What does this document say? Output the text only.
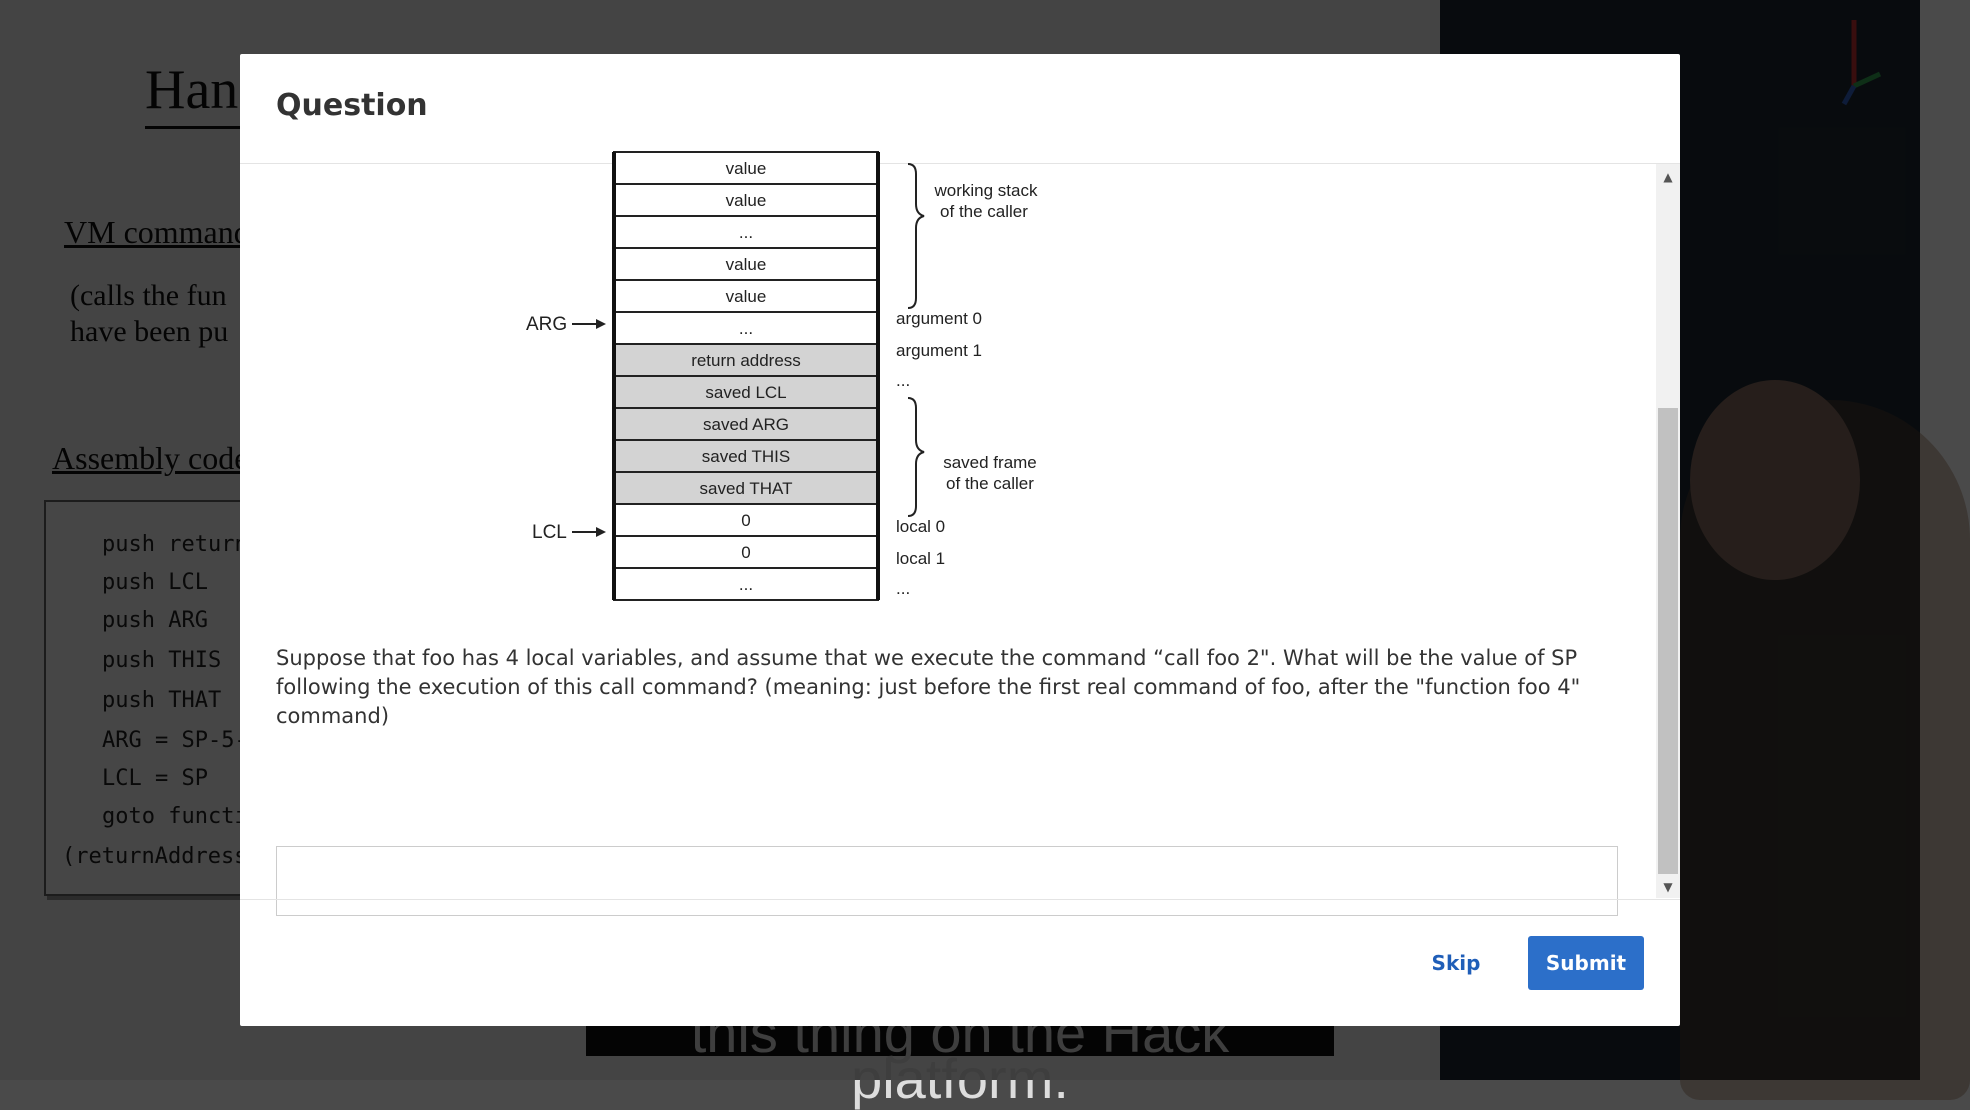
Question
value
value
...
value
value
...
return address
saved LCL
saved ARG
saved THIS
saved THAT
0
0
...
ARG
LCL
working stack
of the caller
argument 0
argument 1
...
saved frame
of the caller
local 0
local 1
...
Suppose that foo has 4 local variables, and assume that we execute the command “call foo 2". What will be the value of SP following the execution of this call command? (meaning: just before the first real command of foo, after the "function foo 4" command)
▲
▼
Skip	Submit
